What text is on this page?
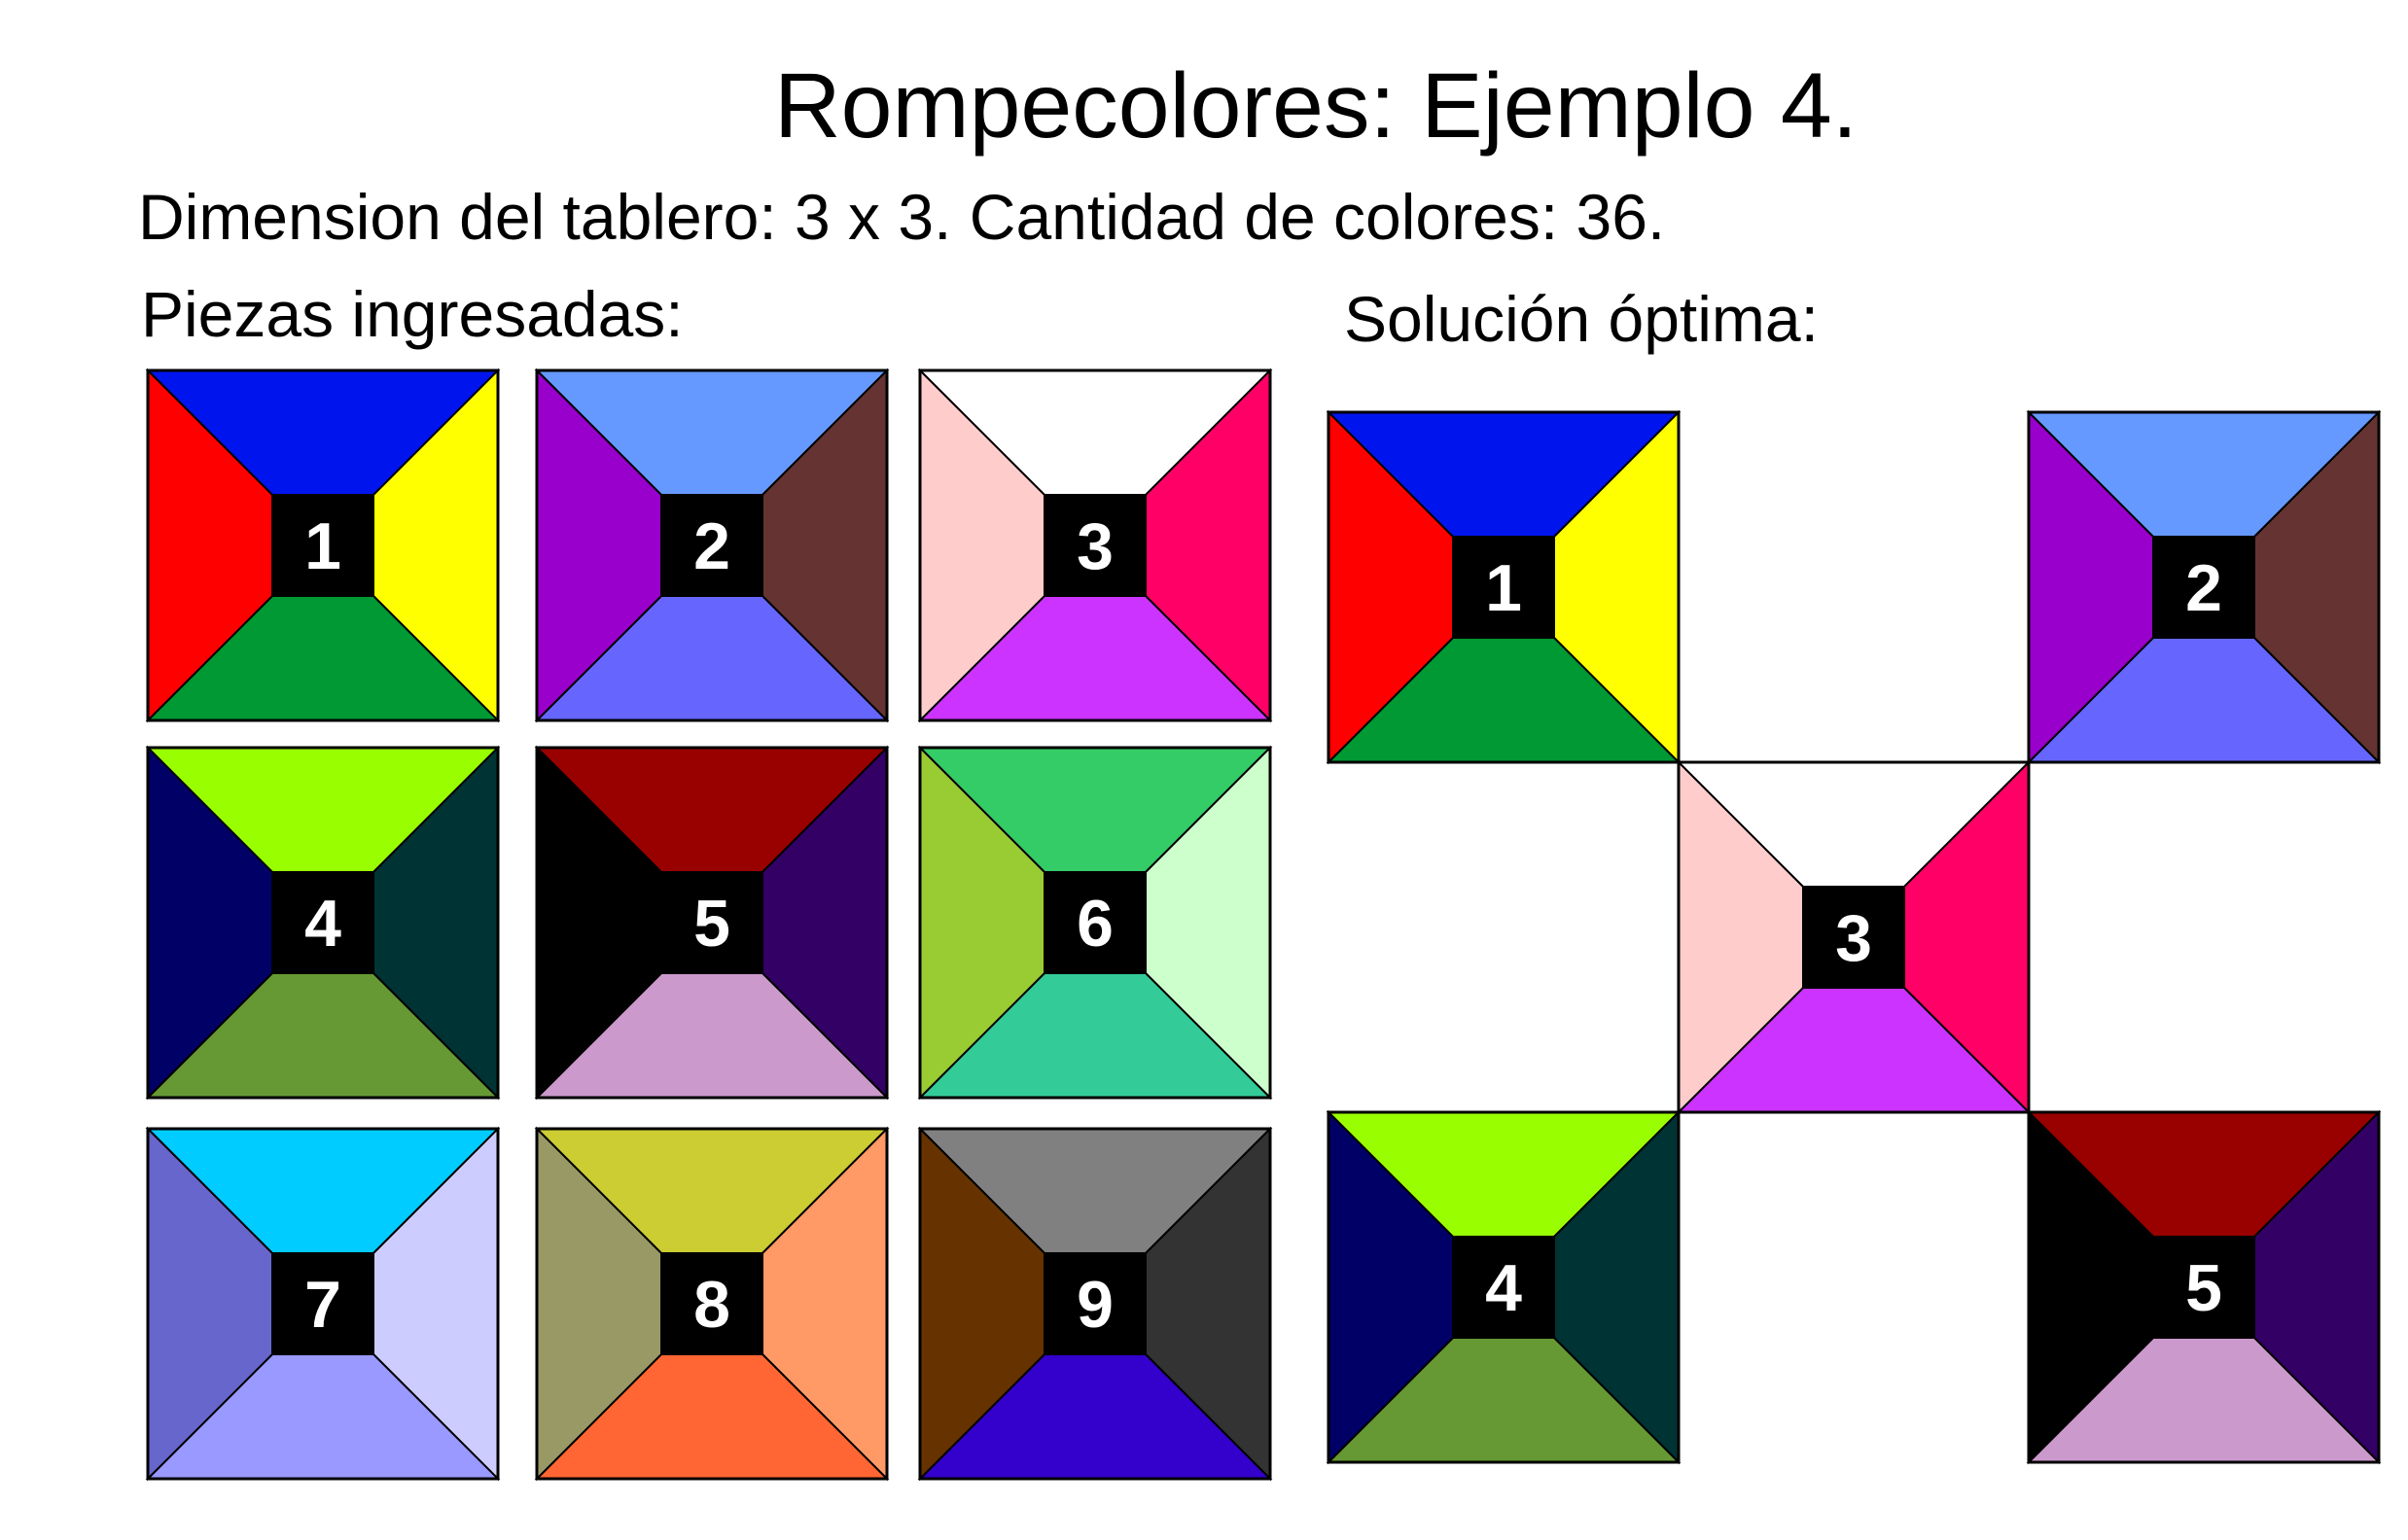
Rompecolores: Ejemplo 4.

Dimension del tablero: 3 x 3. Cantidad de colores: 36.

Piezas ingresadas:	Solución óptima:

1	2	3
4	5	6
7	8	9
1	2
3
4	5
